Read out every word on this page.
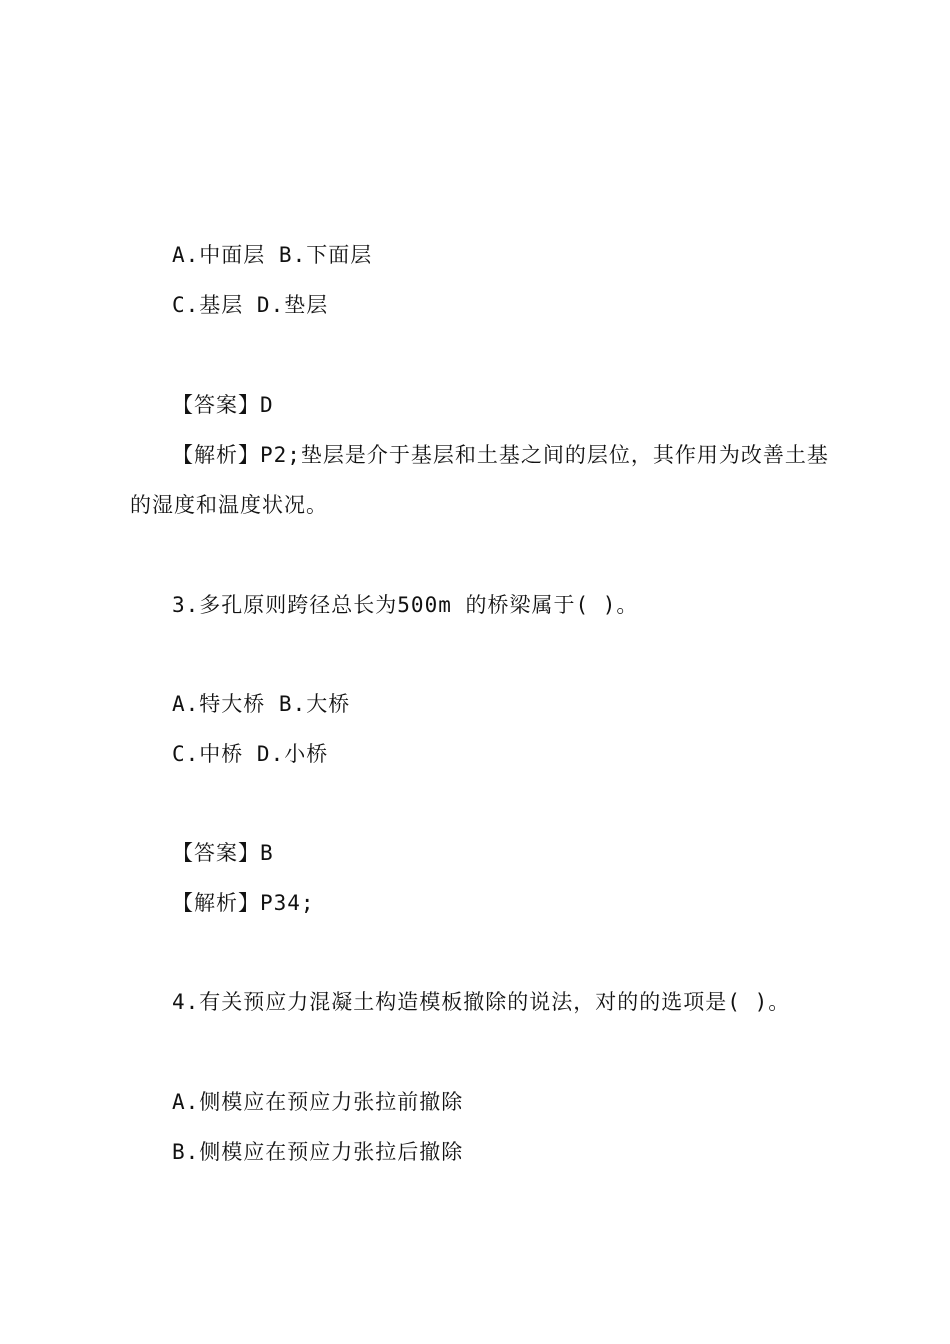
A.中面层 B.下面层
C.基层 D.垫层
【答案】D
【解析】P2;垫层是介于基层和土基之间的层位，其作用为改善土基
的湿度和温度状况。
3.多孔原则跨径总长为500m 的桥梁属于( )。
A.特大桥 B.大桥
C.中桥 D.小桥
【答案】B
【解析】P34;
4.有关预应力混凝土构造模板撤除的说法，对的的选项是( )。
A.侧模应在预应力张拉前撤除
B.侧模应在预应力张拉后撤除
